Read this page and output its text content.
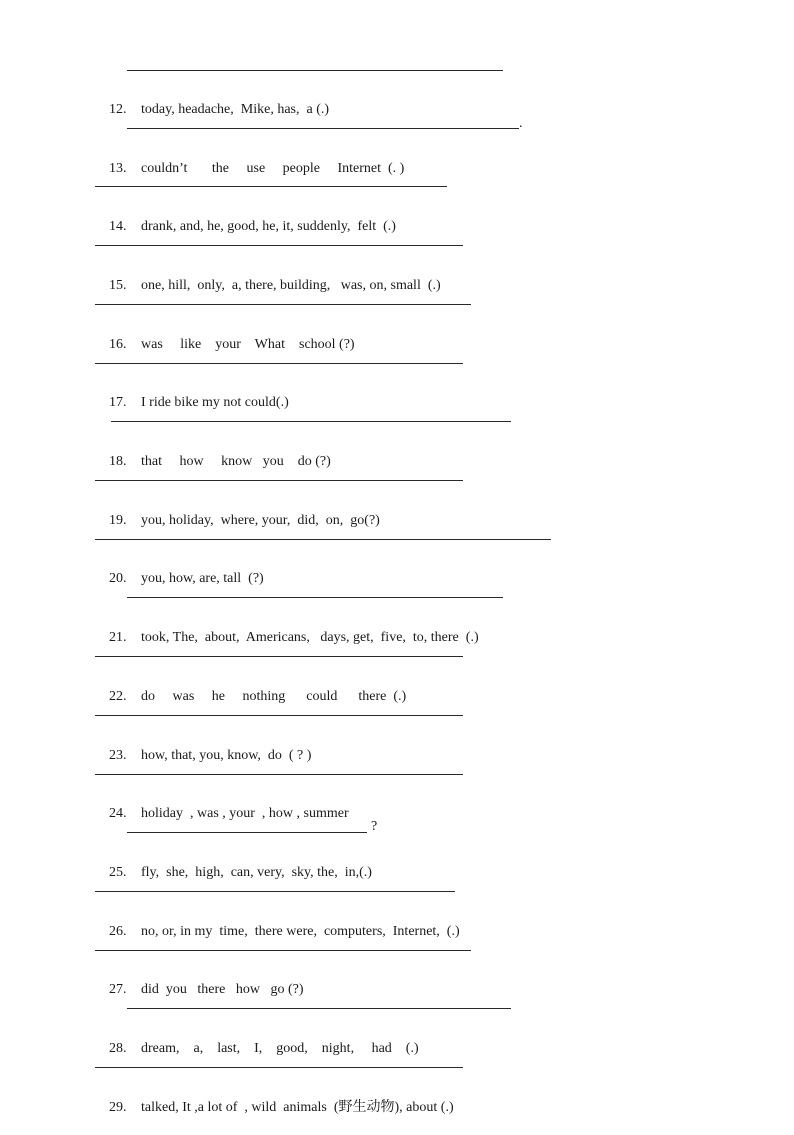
12. today, headache,  Mike, has,  a (.)

.

13. couldn’t       the     use     people     Internet  (. )

14. drank, and, he, good, he, it, suddenly,  felt  (.)

15. one, hill,  only,  a, there, building,   was, on, small  (.)

16. was     like    your    What    school (?)

17. I ride bike my not could(.)

18. that     how     know   you    do (?)

19. you, holiday,  where, your,  did,  on,  go(?)

20. you, how, are, tall  (?)

21. took, The,  about,  Americans,   days, get,  five,  to, there  (.)

22. do     was     he     nothing      could      there  (.)

23. how, that, you, know,  do  ( ? )

24. holiday  , was , your  , how , summer

?

25. fly,  she,  high,  can, very,  sky, the,  in,(.)

26. no, or, in my  time,  there were,  computers,  Internet,  (.)

27. did  you   there   how   go (?)

28. dream,    a,    last,    I,    good,    night,     had    (.)

29. talked, It ,a lot of  , wild  animals  (野生动物), about (.)
